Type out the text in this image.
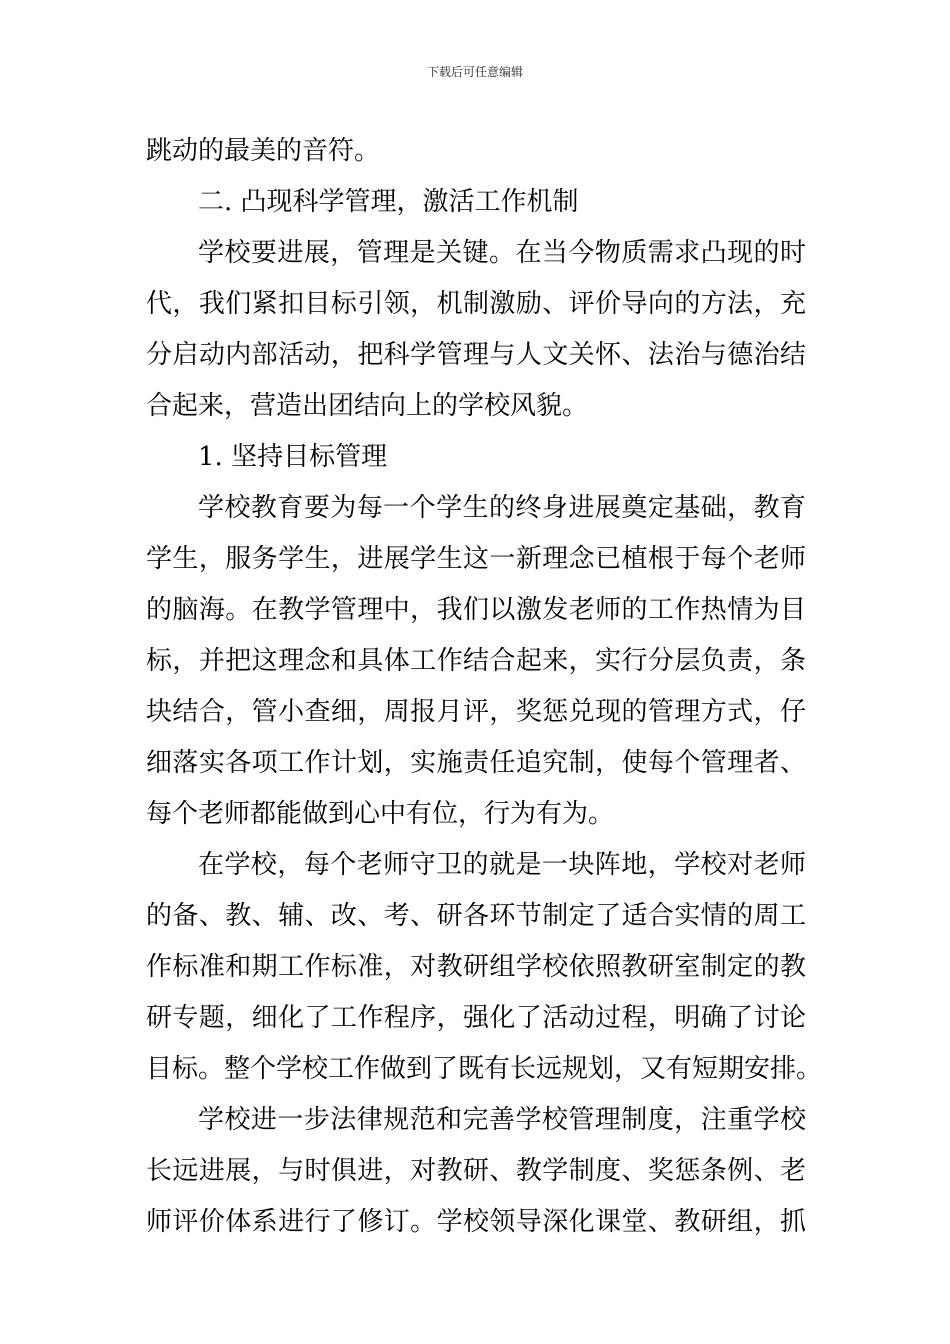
下载后可任意编辑
跳动的最美的音符。
二. 凸现科学管理，激活工作机制
学校要进展，管理是关键。在当今物质需求凸现的时
代，我们紧扣目标引领，机制激励、评价导向的方法，充
分启动内部活动，把科学管理与人文关怀、法治与德治结
合起来，营造出团结向上的学校风貌。
1. 坚持目标管理
学校教育要为每一个学生的终身进展奠定基础，教育
学生，服务学生，进展学生这一新理念已植根于每个老师
的脑海。在教学管理中，我们以激发老师的工作热情为目
标，并把这理念和具体工作结合起来，实行分层负责，条
块结合，管小查细，周报月评，奖惩兑现的管理方式，仔
细落实各项工作计划，实施责任追究制，使每个管理者、
每个老师都能做到心中有位，行为有为。
在学校，每个老师守卫的就是一块阵地，学校对老师
的备、教、辅、改、考、研各环节制定了适合实情的周工
作标准和期工作标准，对教研组学校依照教研室制定的教
研专题，细化了工作程序，强化了活动过程，明确了讨论
目标。整个学校工作做到了既有长远规划，又有短期安排。
学校进一步法律规范和完善学校管理制度，注重学校
长远进展，与时俱进，对教研、教学制度、奖惩条例、老
师评价体系进行了修订。学校领导深化课堂、教研组，抓
